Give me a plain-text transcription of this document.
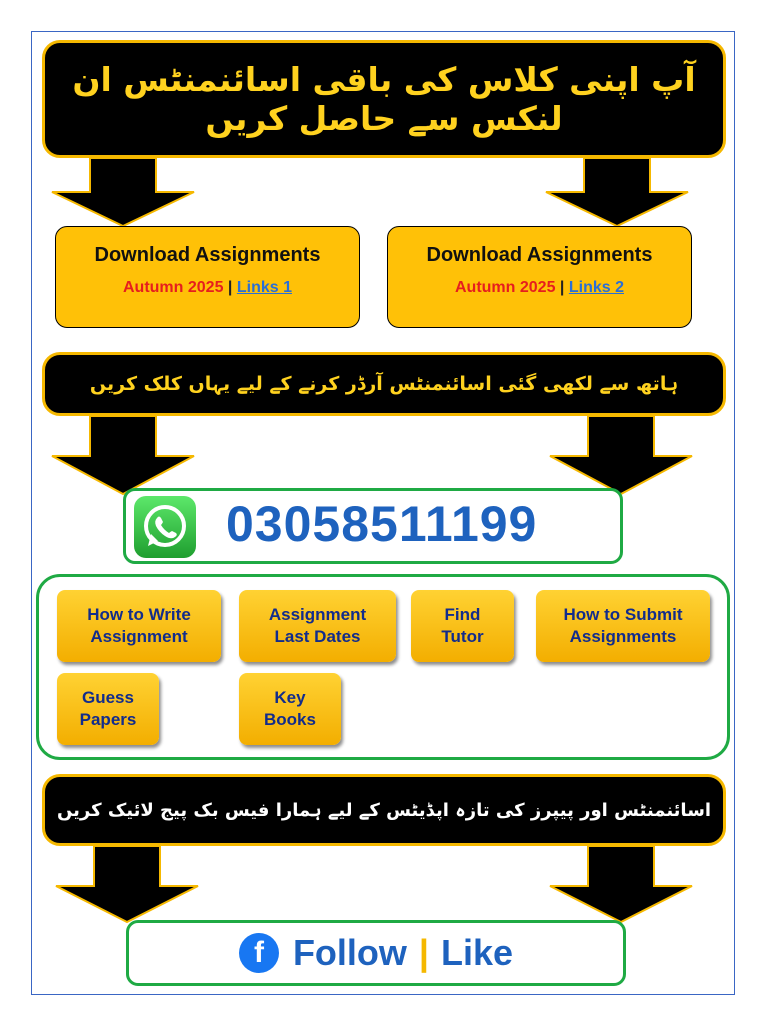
آپ اپنی کلاس کی باقی اسائنمنٹس ان لنکس سے حاصل کریں
Download Assignments
Autumn 2025 | Links 1
Download Assignments
Autumn 2025 | Links 2
ہاتھ سے لکھی گئی اسائنمنٹس آرڈر کرنے کے لیے یہاں کلک کریں
03058511199
How to Write
Assignment
Assignment
Last Dates
Find
Tutor
How to Submit
Assignments
Guess
Papers
Key
Books
اسائنمنٹس اور پیپرز کی تازہ اپڈیٹس کے لیے ہمارا فیس بک پیج لائیک کریں
f Follow | Like
